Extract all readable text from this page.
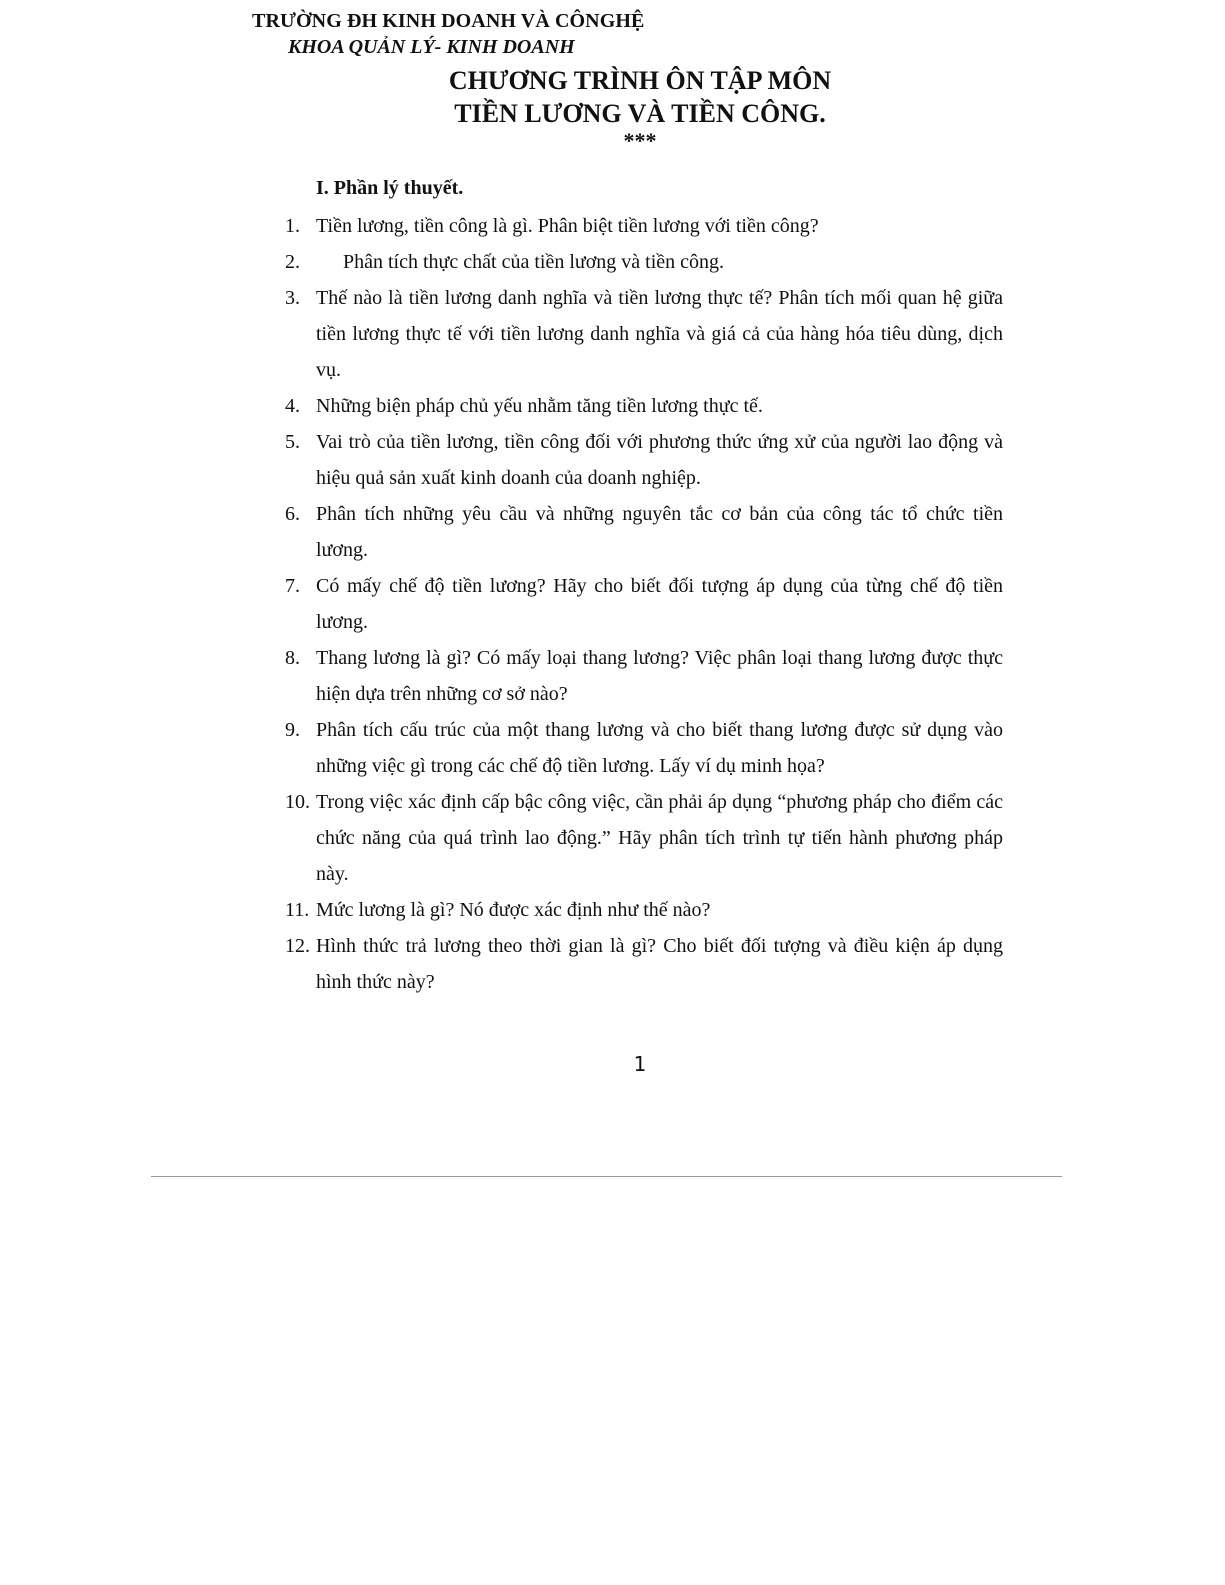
TRƯỜNG ĐH KINH DOANH VÀ CÔNGHỆ
KHOA QUẢN LÝ- KINH DOANH
CHƯƠNG TRÌNH ÔN TẬP MÔN
TIỀN LƯƠNG VÀ TIỀN CÔNG.
***
I. Phần lý thuyết.
1. Tiền lương, tiền công là gì. Phân biệt tiền lương với tiền công?
2.	Phân tích thực chất của tiền lương và tiền công.
3. Thế nào là tiền lương danh nghĩa và tiền lương thực tế? Phân tích mối quan hệ giữa tiền lương thực tế với tiền lương danh nghĩa và giá cả của hàng hóa tiêu dùng, dịch vụ.
4. Những biện pháp chủ yếu nhằm tăng tiền lương thực tế.
5. Vai trò của tiền lương, tiền công đối với phương thức ứng xử của người lao động và hiệu quả sản xuất kinh doanh của doanh nghiệp.
6. Phân tích những yêu cầu và những nguyên tắc cơ bản của công tác tổ chức tiền lương.
7. Có mấy chế độ tiền lương? Hãy cho biết đối tượng áp dụng của từng chế độ tiền lương.
8. Thang lương là gì? Có mấy loại thang lương? Việc phân loại thang lương được thực hiện dựa trên những cơ sở nào?
9. Phân tích cấu trúc của một thang lương và cho biết thang lương được sử dụng vào những việc gì trong các chế độ tiền lương. Lấy ví dụ minh họa?
10. Trong việc xác định cấp bậc công việc, cần phải áp dụng “phương pháp cho điểm các chức năng của quá trình lao động.” Hãy phân tích trình tự tiến hành phương pháp này.
11. Mức lương là gì? Nó được xác định như thế nào?
12. Hình thức trả lương theo thời gian là gì? Cho biết đối tượng và điều kiện áp dụng hình thức này?
1
